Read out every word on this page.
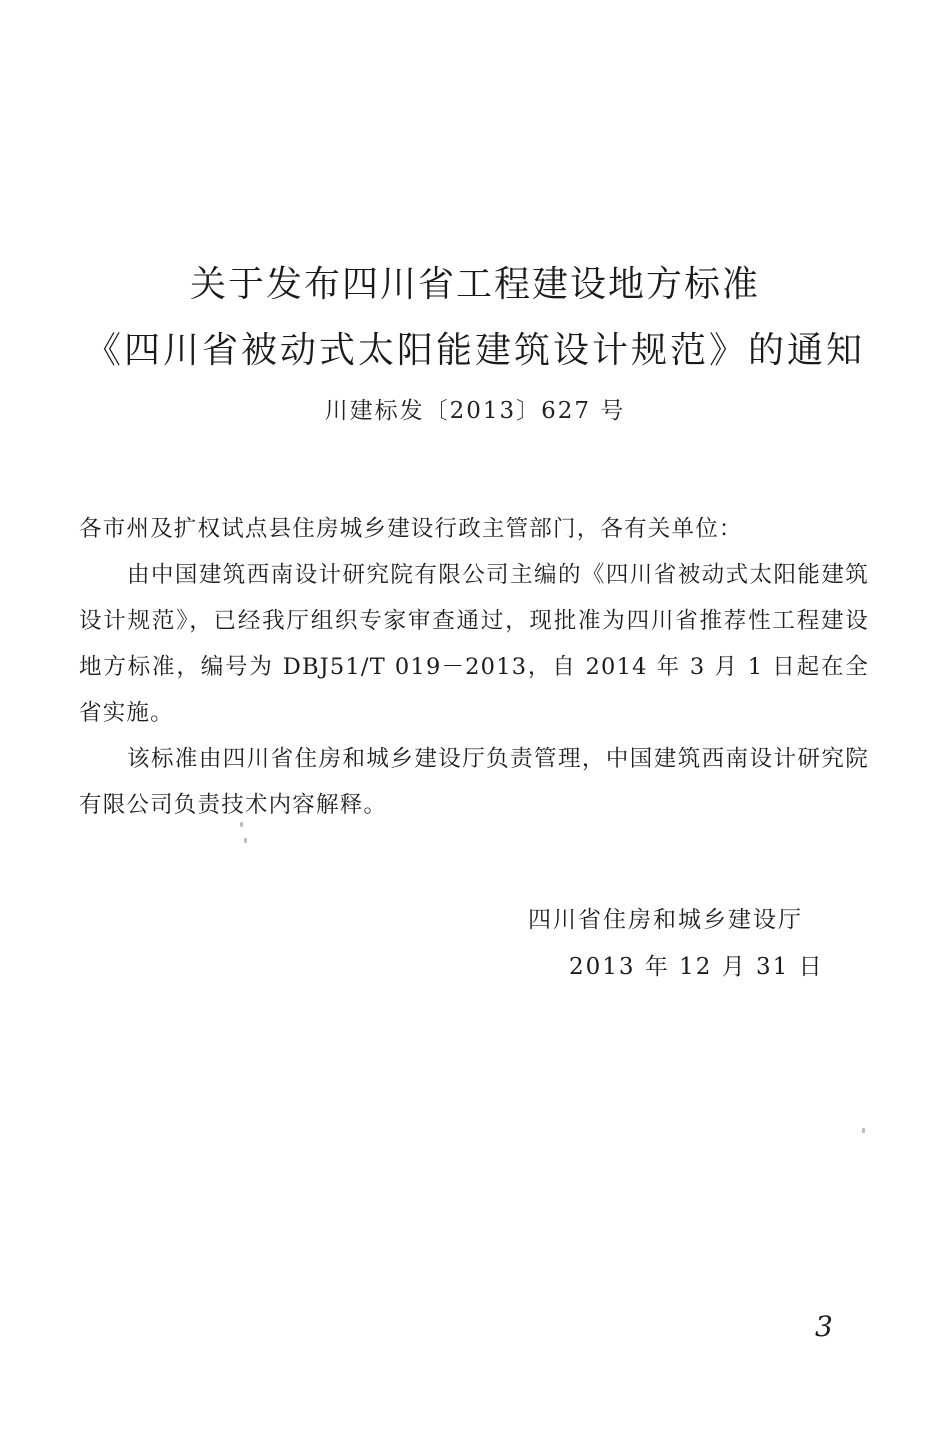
关于发布四川省工程建设地方标准
《四川省被动式太阳能建筑设计规范》的通知
川建标发〔2013〕627 号

各市州及扩权试点县住房城乡建设行政主管部门，各有关单位：

由中国建筑西南设计研究院有限公司主编的《四川省被动式太阳能建筑设计规范》，已经我厅组织专家审查通过，现批准为四川省推荐性工程建设地方标准，编号为 DBJ51/T 019－2013，自 2014 年 3 月 1 日起在全省实施。

该标准由四川省住房和城乡建设厅负责管理，中国建筑西南设计研究院有限公司负责技术内容解释。

四川省住房和城乡建设厅
2013 年 12 月 31 日
3
